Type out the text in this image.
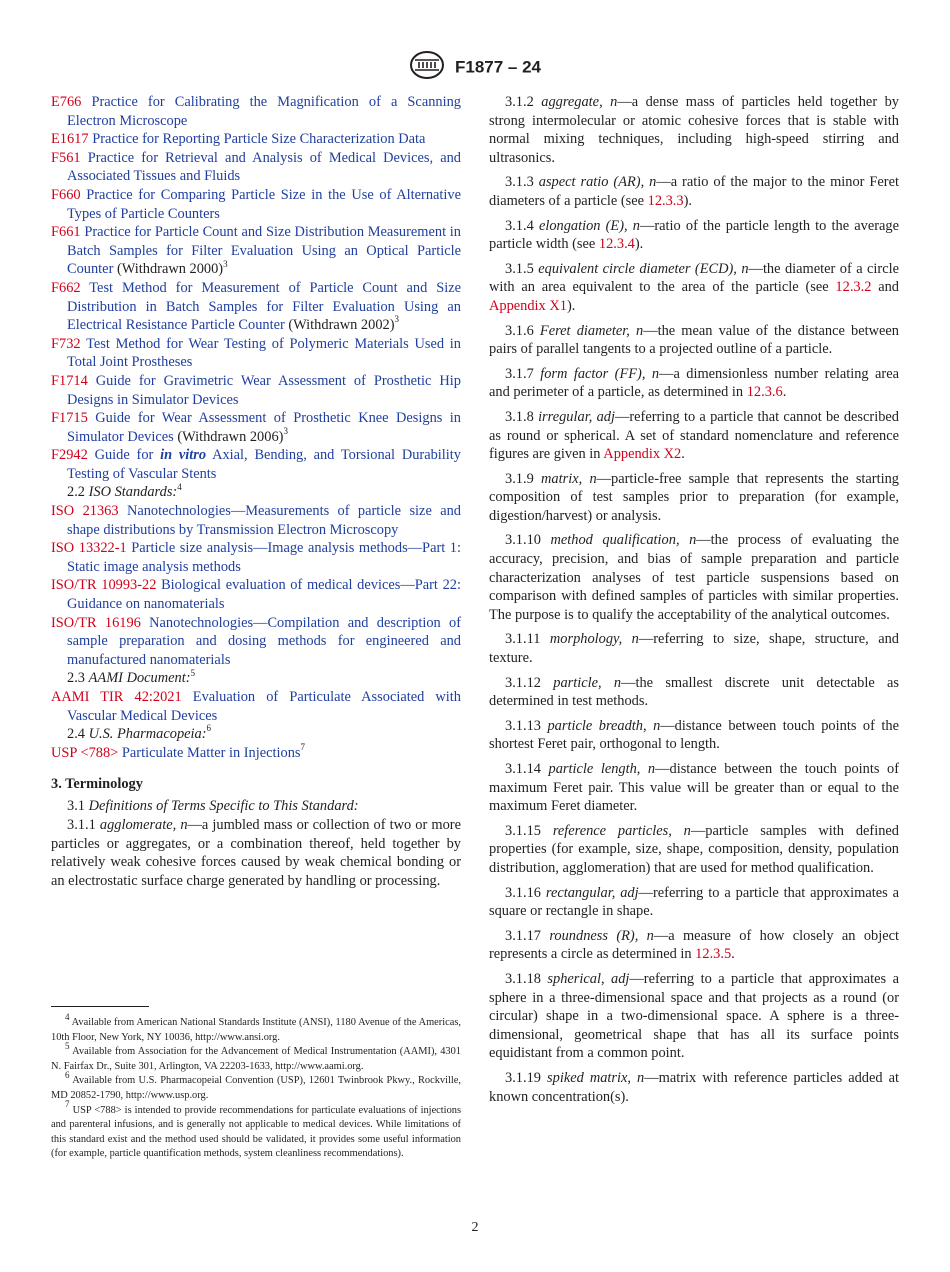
F1877 – 24

E766 Practice for Calibrating the Magnification of a Scanning Electron Microscope

E1617 Practice for Reporting Particle Size Characterization Data

F561 Practice for Retrieval and Analysis of Medical Devices, and Associated Tissues and Fluids

F660 Practice for Comparing Particle Size in the Use of Alternative Types of Particle Counters

F661 Practice for Particle Count and Size Distribution Measurement in Batch Samples for Filter Evaluation Using an Optical Particle Counter (Withdrawn 2000)$^3$

F662 Test Method for Measurement of Particle Count and Size Distribution in Batch Samples for Filter Evaluation Using an Electrical Resistance Particle Counter (Withdrawn 2002)$^3$

F732 Test Method for Wear Testing of Polymeric Materials Used in Total Joint Prostheses

F1714 Guide for Gravimetric Wear Assessment of Prosthetic Hip Designs in Simulator Devices

F1715 Guide for Wear Assessment of Prosthetic Knee Designs in Simulator Devices (Withdrawn 2006)$^3$

F2942 Guide for in vitro Axial, Bending, and Torsional Durability Testing of Vascular Stents

2.2 ISO Standards:$^4$

ISO 21363 Nanotechnologies—Measurements of particle size and shape distributions by Transmission Electron Microscopy

ISO 13322-1 Particle size analysis—Image analysis methods—Part 1: Static image analysis methods

ISO/TR 10993-22 Biological evaluation of medical devices—Part 22: Guidance on nanomaterials

ISO/TR 16196 Nanotechnologies—Compilation and description of sample preparation and dosing methods for engineered and manufactured nanomaterials

2.3 AAMI Document:$^5$

AAMI TIR 42:2021 Evaluation of Particulate Associated with Vascular Medical Devices

2.4 U.S. Pharmacopeia:$^6$

USP <788> Particulate Matter in Injections$^7$

3. Terminology

3.1 Definitions of Terms Specific to This Standard:

3.1.1 agglomerate, n—a jumbled mass or collection of two or more particles or aggregates, or a combination thereof, held together by relatively weak cohesive forces caused by weak chemical bonding or an electrostatic surface charge generated by handling or processing.

$^4$ Available from American National Standards Institute (ANSI), 1180 Avenue of the Americas, 10th Floor, New York, NY 10036, http://www.ansi.org.

$^5$ Available from Association for the Advancement of Medical Instrumentation (AAMI), 4301 N. Fairfax Dr., Suite 301, Arlington, VA 22203-1633, http://www.aami.org.

$^6$ Available from U.S. Pharmacopeial Convention (USP), 12601 Twinbrook Pkwy., Rockville, MD 20852-1790, http://www.usp.org.

$^7$ USP <788> is intended to provide recommendations for particulate evaluations of injections and parenteral infusions, and is generally not applicable to medical devices. While limitations of this standard exist and the method used should be validated, it provides some useful information (for example, particle quantification methods, system cleanliness recommendations).

3.1.2 aggregate, n—a dense mass of particles held together by strong intermolecular or atomic cohesive forces that is stable with normal mixing techniques, including high-speed stirring and ultrasonics.

3.1.3 aspect ratio (AR), n—a ratio of the major to the minor Feret diameters of a particle (see 12.3.3).

3.1.4 elongation (E), n—ratio of the particle length to the average particle width (see 12.3.4).

3.1.5 equivalent circle diameter (ECD), n—the diameter of a circle with an area equivalent to the area of the particle (see 12.3.2 and Appendix X1).

3.1.6 Feret diameter, n—the mean value of the distance between pairs of parallel tangents to a projected outline of a particle.

3.1.7 form factor (FF), n—a dimensionless number relating area and perimeter of a particle, as determined in 12.3.6.

3.1.8 irregular, adj—referring to a particle that cannot be described as round or spherical. A set of standard nomenclature and reference figures are given in Appendix X2.

3.1.9 matrix, n—particle-free sample that represents the starting composition of test samples prior to preparation (for example, digestion/harvest) or analysis.

3.1.10 method qualification, n—the process of evaluating the accuracy, precision, and bias of sample preparation and particle characterization analyses of test particle suspensions based on comparison with defined samples of particles with similar properties. The purpose is to qualify the acceptability of the analytical outcomes.

3.1.11 morphology, n—referring to size, shape, structure, and texture.

3.1.12 particle, n—the smallest discrete unit detectable as determined in test methods.

3.1.13 particle breadth, n—distance between touch points of the shortest Feret pair, orthogonal to length.

3.1.14 particle length, n—distance between the touch points of maximum Feret pair. This value will be greater than or equal to the maximum Feret diameter.

3.1.15 reference particles, n—particle samples with defined properties (for example, size, shape, composition, density, population distribution, agglomeration) that are used for method qualification.

3.1.16 rectangular, adj—referring to a particle that approximates a square or rectangle in shape.

3.1.17 roundness (R), n—a measure of how closely an object represents a circle as determined in 12.3.5.

3.1.18 spherical, adj—referring to a particle that approximates a sphere in a three-dimensional space and that projects as a round (or circular) shape in a two-dimensional space. A sphere is a three-dimensional, geometrical shape that has all its surface points equidistant from a common point.

3.1.19 spiked matrix, n—matrix with reference particles added at known concentration(s).

2
